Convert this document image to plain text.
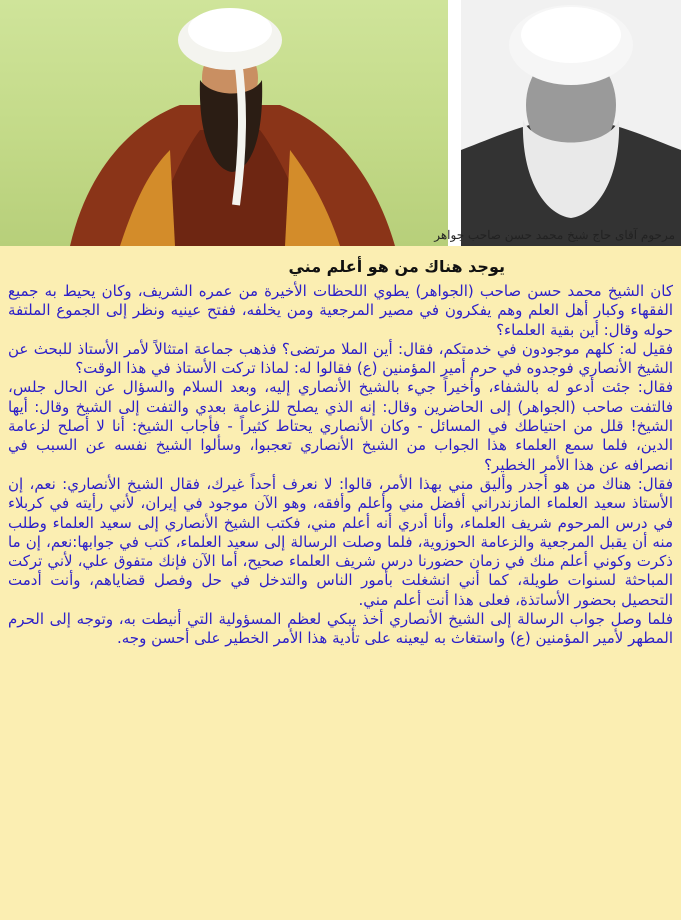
مرحوم آقای حاج شیخ محمد حسن صاحب جواهر
يوجد هناك من هو أعلم مني

كان الشيخ محمد حسن صاحب (الجواهر) يطوي اللحظات الأخيرة من عمره الشريف، وكان يحيط به جميع الفقهاء وكبار أهل العلم وهم يفكرون في مصير المرجعية ومن يخلفه، ففتح عينيه ونظر إلى الجموع الملتفة حوله وقال: أين بقية العلماء؟

فقيل له: كلهم موجودون في خدمتكم، فقال: أين الملا مرتضى؟ فذهب جماعة امتثالاً لأمر الأستاذ للبحث عن الشيخ الأنصاري فوجدوه في حرم أمير المؤمنين (ع) فقالوا له: لماذا تركت الأستاذ في هذا الوقت؟

فقال: جئت أدعو له بالشفاء، وأخيراً جيء بالشيخ الأنصاري إليه، وبعد السلام والسؤال عن الحال جلس، فالتفت صاحب (الجواهر) إلى الحاضرين وقال: إنه الذي يصلح للزعامة بعدي والتفت إلى الشيخ وقال: أيها الشيخ! قلل من احتياطك في المسائل - وكان الأنصاري يحتاط كثيراً - فأجاب الشيخ: أنا لا أصلح لزعامة الدين، فلما سمع العلماء هذا الجواب من الشيخ الأنصاري تعجبوا، وسألوا الشيخ نفسه عن السبب في انصرافه عن هذا الأمر الخطير؟

فقال: هناك من هو أجدر وأليق مني بهذا الأمر، قالوا: لا نعرف أحداً غيرك، فقال الشيخ الأنصاري: نعم، إن الأستاذ سعيد العلماء المازندراني أفضل مني وأعلم وأفقه، وهو الآن موجود في إيران، لأني رأيته في كربلاء في درس المرحوم شريف العلماء، وأنا أدري أنه أعلم مني، فكتب الشيخ الأنصاري إلى سعيد العلماء وطلب منه أن يقبل المرجعية والزعامة الحوزوية، فلما وصلت الرسالة إلى سعيد العلماء، كتب في جوابها:نعم، إن ما ذكرت وكوني أعلم منك في زمان حضورنا درس شريف العلماء صحيح، أما الآن فإنك متفوق علي، لأني تركت المباحثة لسنوات طويلة، كما أني انشغلت بأمور الناس والتدخل في حل وفصل قضاياهم، وأنت أدمت التحصيل بحضور الأساتذة، فعلى هذا أنت أعلم مني.

فلما وصل جواب الرسالة إلى الشيخ الأنصاري أخذ يبكي لعظم المسؤولية التي أنيطت به، وتوجه إلى الحرم المطهر لأمير المؤمنين (ع) واستغاث به ليعينه على تأدية هذا الأمر الخطير على أحسن وجه.
